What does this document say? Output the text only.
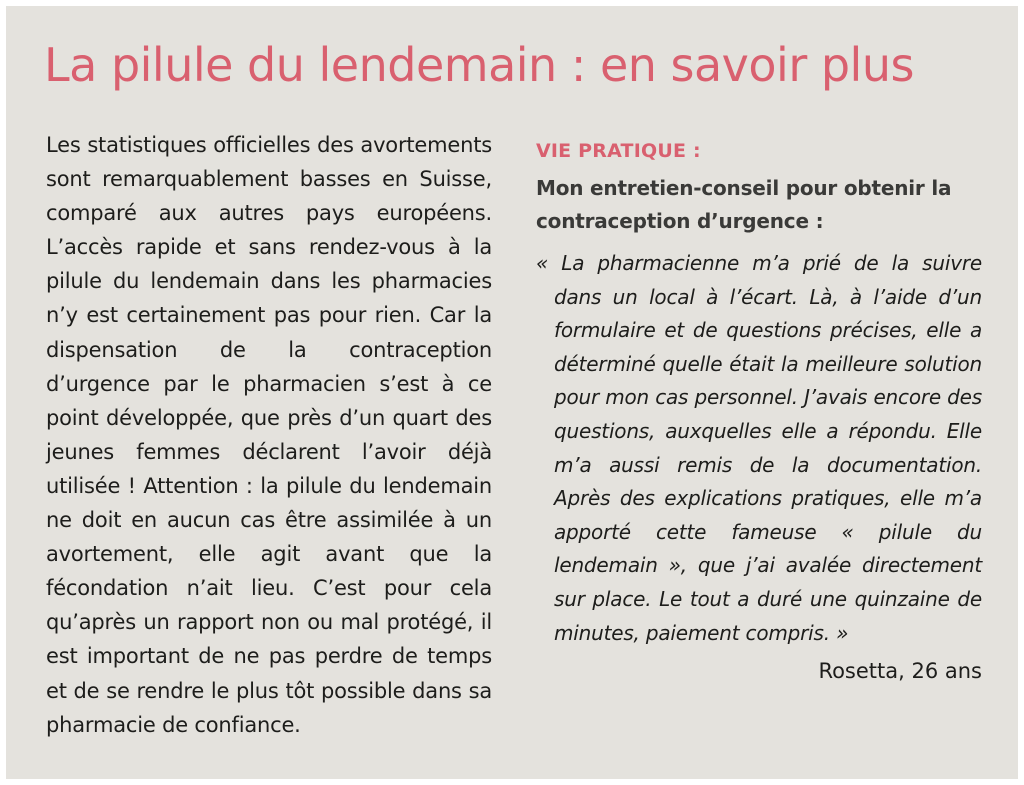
La pilule du lendemain : en savoir plus

Les statistiques officielles des avortements sont remarquablement basses en Suisse, comparé aux autres pays européens. L’accès rapide et sans rendez-vous à la pilule du lendemain dans les pharmacies n’y est certainement pas pour rien. Car la dispensation de la contraception d’urgence par le pharmacien s’est à ce point développée, que près d’un quart des jeunes femmes déclarent l’avoir déjà utilisée ! Attention : la pilule du lendemain ne doit en aucun cas être assimilée à un avortement, elle agit avant que la fécondation n’ait lieu. C’est pour cela qu’après un rapport non ou mal protégé, il est important de ne pas perdre de temps et de se rendre le plus tôt possible dans sa pharmacie de confiance.

VIE PRATIQUE :

Mon entretien-conseil pour obtenir la contraception d’urgence :

« La pharmacienne m’a prié de la suivre dans un local à l’écart. Là, à l’aide d’un formulaire et de questions précises, elle a déterminé quelle était la meilleure solution pour mon cas personnel. J’avais encore des questions, auxquelles elle a répondu. Elle m’a aussi remis de la documentation. Après des explications pratiques, elle m’a apporté cette fameuse « pilule du lendemain », que j’ai avalée directement sur place. Le tout a duré une quinzaine de minutes, paiement compris. »

Rosetta, 26 ans
